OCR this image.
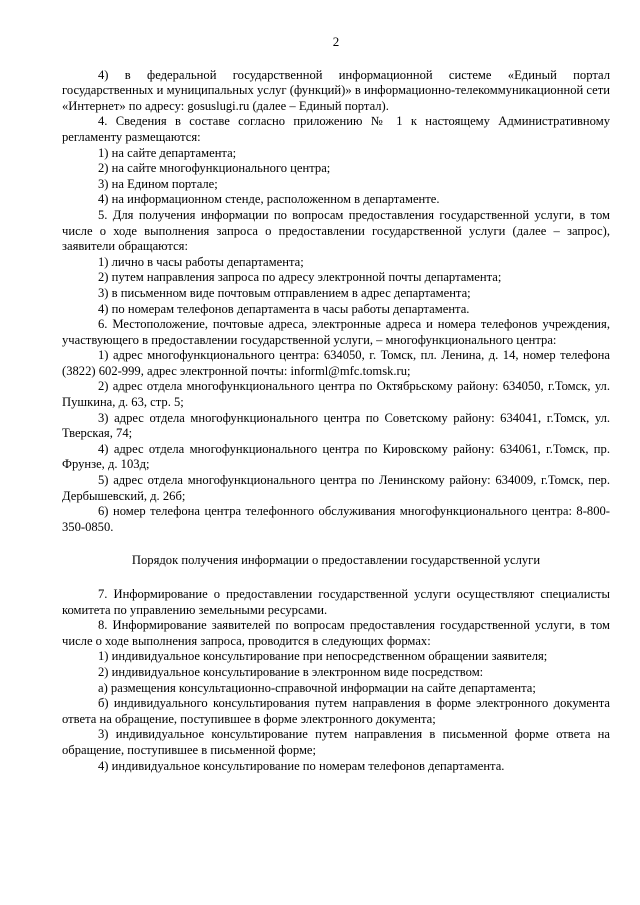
2

4) в федеральной государственной информационной системе «Единый портал государственных и муниципальных услуг (функций)» в информационно-телекоммуникационной сети «Интернет» по адресу: gosuslugi.ru (далее – Единый портал).

4. Сведения в составе согласно приложению № 1 к настоящему Административному регламенту размещаются:

1) на сайте департамента;

2) на сайте многофункционального центра;

3) на Едином портале;

4) на информационном стенде, расположенном в департаменте.

5. Для получения информации по вопросам предоставления государственной услуги, в том числе о ходе выполнения запроса о предоставлении государственной услуги (далее – запрос), заявители обращаются:

1) лично в часы работы департамента;

2) путем направления запроса по адресу электронной почты департамента;

3) в письменном виде почтовым отправлением в адрес департамента;

4) по номерам телефонов департамента в часы работы департамента.

6. Местоположение, почтовые адреса, электронные адреса и номера телефонов учреждения, участвующего в предоставлении государственной услуги, – многофункционального центра:

1) адрес многофункционального центра: 634050, г. Томск, пл. Ленина, д. 14, номер телефона (3822) 602-999, адрес электронной почты: informl@mfc.tomsk.ru;

2) адрес отдела многофункционального центра по Октябрьскому району: 634050, г.Томск, ул. Пушкина, д. 63, стр. 5;

3) адрес отдела многофункционального центра по Советскому району: 634041, г.Томск, ул. Тверская, 74;

4) адрес отдела многофункционального центра по Кировскому району: 634061, г.Томск, пр. Фрунзе, д. 103д;

5) адрес отдела многофункционального центра по Ленинскому району: 634009, г.Томск, пер. Дербышевский, д. 26б;

6) номер телефона центра телефонного обслуживания многофункционального центра: 8-800-350-0850.

Порядок получения информации о предоставлении государственной услуги

7. Информирование о предоставлении государственной услуги осуществляют специалисты комитета по управлению земельными ресурсами.

8. Информирование заявителей по вопросам предоставления государственной услуги, в том числе о ходе выполнения запроса, проводится в следующих формах:

1) индивидуальное консультирование при непосредственном обращении заявителя;

2) индивидуальное консультирование в электронном виде посредством:

а) размещения консультационно-справочной информации на сайте департамента;

б) индивидуального консультирования путем направления в форме электронного документа ответа на обращение, поступившее в форме электронного документа;

3) индивидуальное консультирование путем направления в письменной форме ответа на обращение, поступившее в письменной форме;

4) индивидуальное консультирование по номерам телефонов департамента.
